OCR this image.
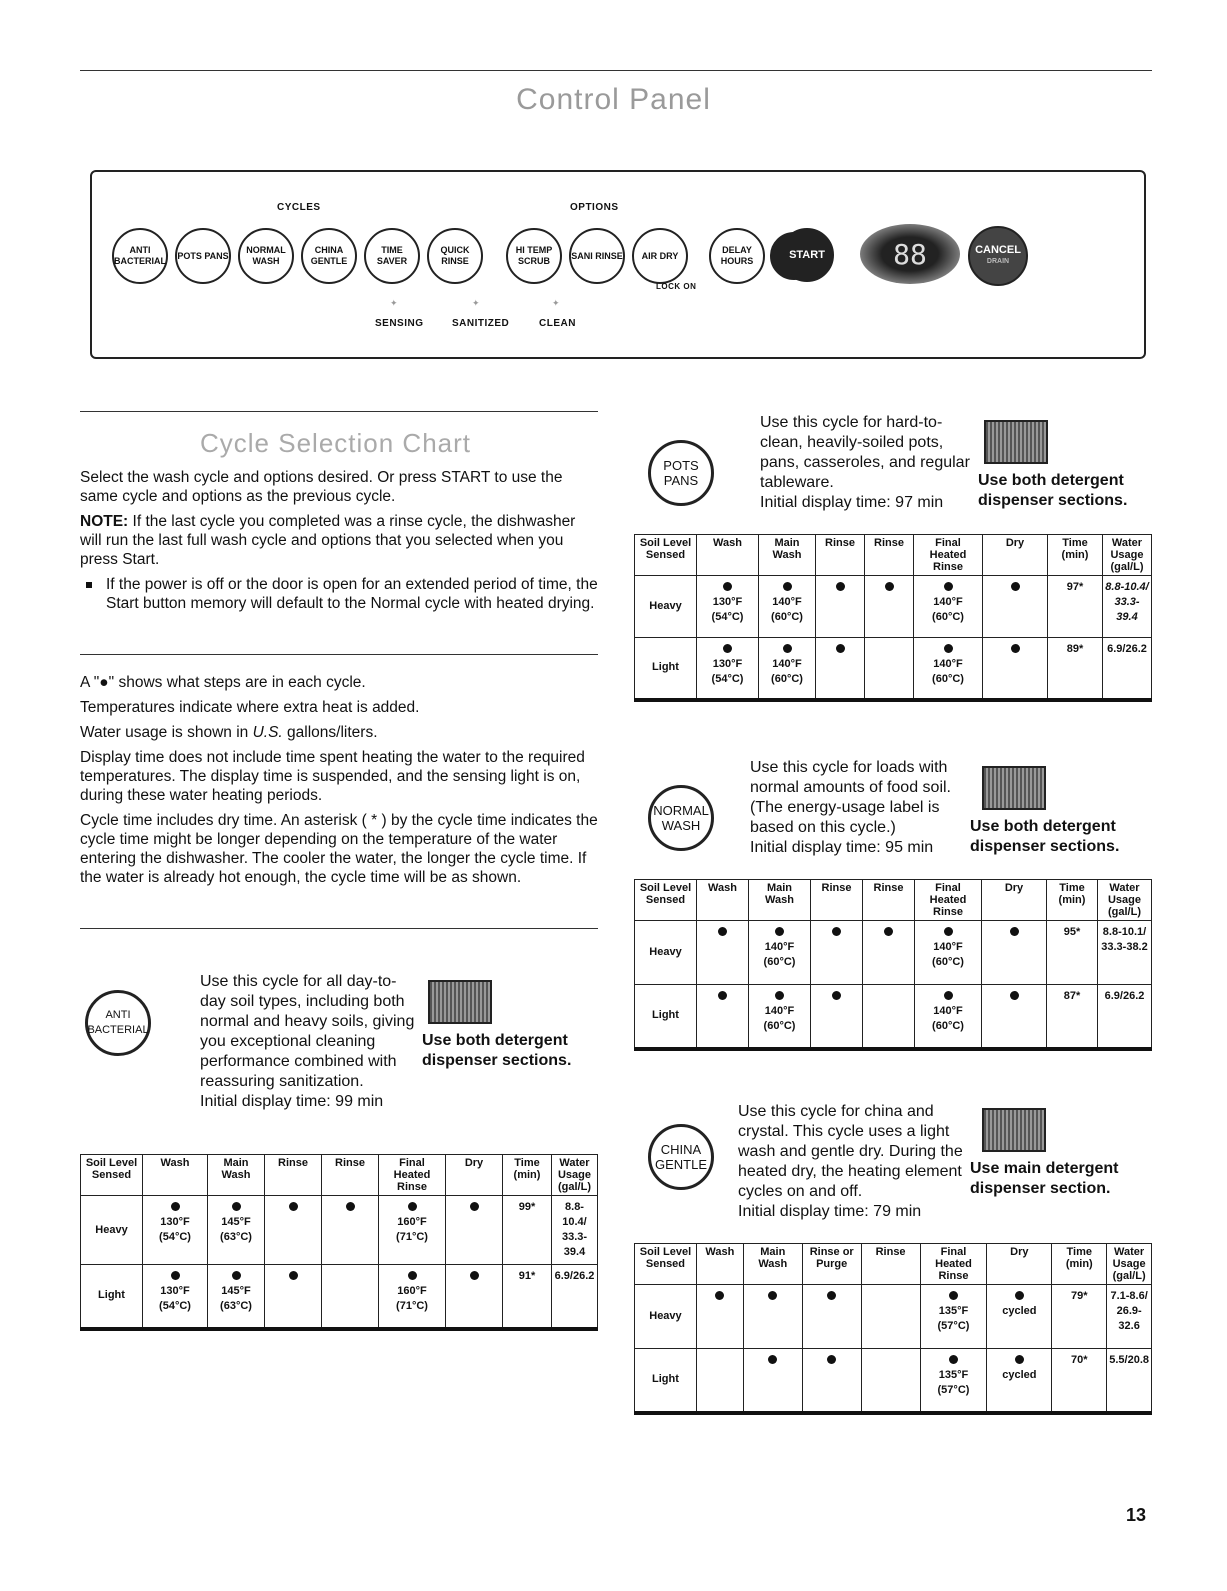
Control Panel
CYCLES	OPTIONS
ANTI BACTERIAL
POTS PANS
NORMAL WASH
CHINA GENTLE
TIME SAVER
QUICK RINSE
HI TEMP SCRUB
SANI RINSE	AIR DRY
LOCK ON
DELAY HOURS
START	88	CANCEL
DRAIN
✦	✦	✦
SENSING	SANITIZED	CLEAN
Cycle Selection Chart

Select the wash cycle and options desired. Or press START to use the same cycle and options as the previous cycle.

NOTE: If the last cycle you completed was a rinse cycle, the dishwasher will run the last full wash cycle and options that you selected when you press Start.

If the power is off or the door is open for an extended period of time, the Start button memory will default to the Normal cycle with heated drying.

A "●" shows what steps are in each cycle.

Temperatures indicate where extra heat is added.

Water usage is shown in U.S. gallons/liters.

Display time does not include time spent heating the water to the required temperatures. The display time is suspended, and the sensing light is on, during these water heating periods.

Cycle time includes dry time. An asterisk ( * ) by the cycle time indicates the cycle time might be longer depending on the temperature of the water entering the dishwasher. The cooler the water, the longer the cycle time. If the water is already hot enough, the cycle time will be as shown.

ANTI BACTERIAL
Use this cycle for all day-to-day soil types, including both normal and heavy soils, giving you exceptional cleaning performance combined with reassuring sanitization.
Initial display time: 99 min
Use both detergent dispenser sections.
Soil Level Sensed	Wash	Main Wash	Rinse	Rinse	Final Heated Rinse	Dry	Time (min)	Water Usage (gal/L)
Heavy	130°F (54°C)	145°F (63°C)			160°F (71°C)		99*	8.8-10.4/ 33.3-39.4
Light	130°F (54°C)	145°F (63°C)			160°F (71°C)		91*	6.9/26.2
POTS PANS
Use this cycle for hard-to-clean, heavily-soiled pots, pans, casseroles, and regular tableware.
Initial display time: 97 min
Use both detergent dispenser sections.
Soil Level Sensed	Wash	Main Wash	Rinse	Rinse	Final Heated Rinse	Dry	Time (min)	Water Usage (gal/L)
Heavy	130°F (54°C)	140°F (60°C)			140°F (60°C)		97*	8.8-10.4/ 33.3-39.4
Light	130°F (54°C)	140°F (60°C)			140°F (60°C)		89*	6.9/26.2
NORMAL WASH
Use this cycle for loads with normal amounts of food soil. (The energy-usage label is based on this cycle.)
Initial display time: 95 min
Use both detergent dispenser sections.
Soil Level Sensed	Wash	Main Wash	Rinse	Rinse	Final Heated Rinse	Dry	Time (min)	Water Usage (gal/L)
Heavy		140°F (60°C)			140°F (60°C)		95*	8.8-10.1/ 33.3-38.2
Light		140°F (60°C)			140°F (60°C)		87*	6.9/26.2
CHINA GENTLE
Use this cycle for china and crystal. This cycle uses a light wash and gentle dry. During the heated dry, the heating element cycles on and off.
Initial display time: 79 min
Use main detergent dispenser section.
Soil Level Sensed	Wash	Main Wash	Rinse or Purge	Rinse	Final Heated Rinse	Dry	Time (min)	Water Usage (gal/L)
Heavy					135°F (57°C)	cycled	79*	7.1-8.6/ 26.9-32.6
Light					135°F (57°C)	cycled	70*	5.5/20.8
13
